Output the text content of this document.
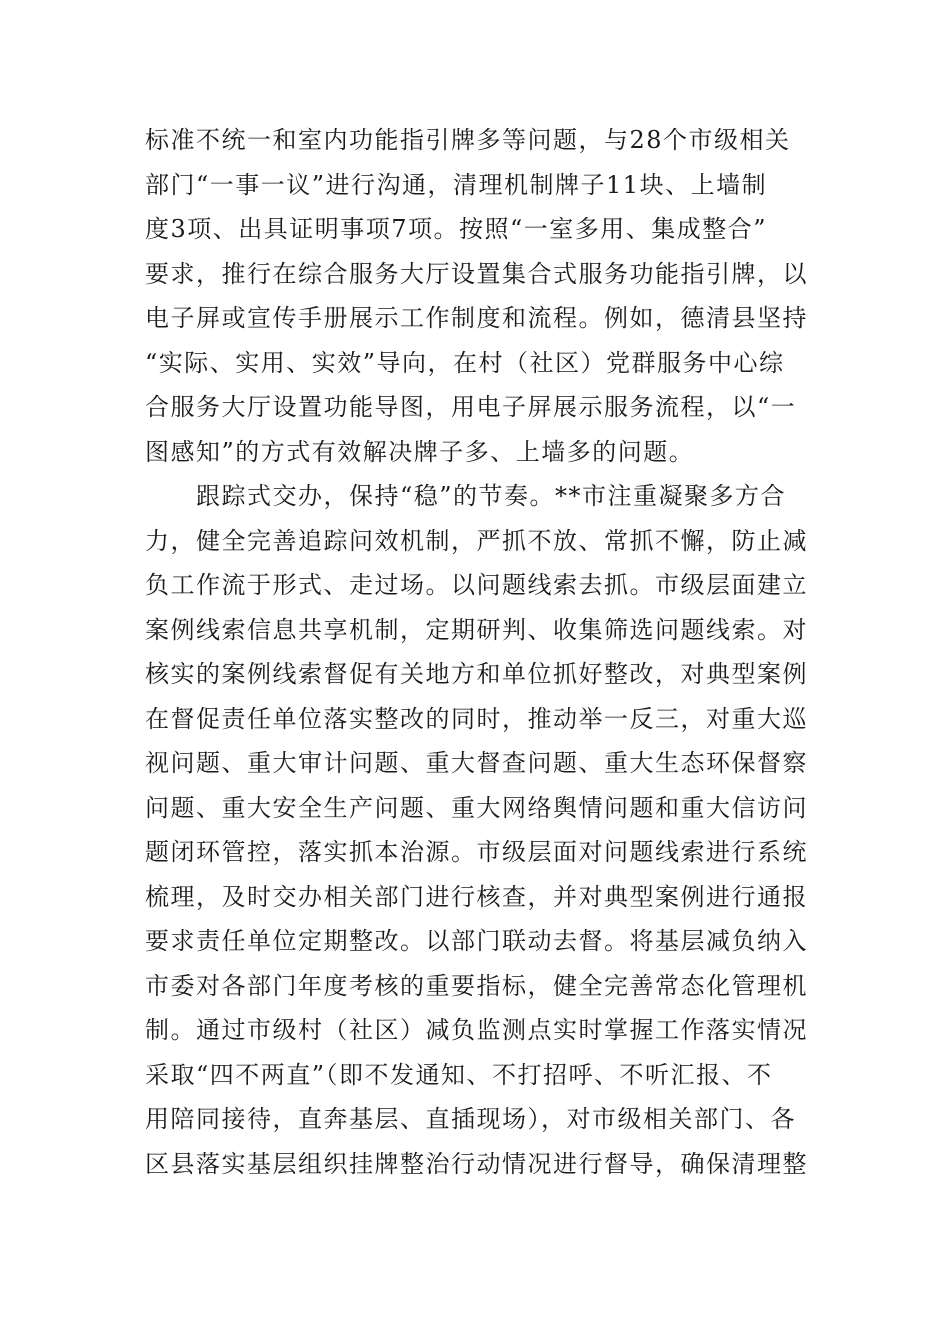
标准不统一和室内功能指引牌多等问题，与28个市级相关
部门“一事一议”进行沟通，清理机制牌子11块、上墙制
度3项、出具证明事项7项。按照“一室多用、集成整合”
要求，推行在综合服务大厅设置集合式服务功能指引牌，以
电子屏或宣传手册展示工作制度和流程。例如，德清县坚持
“实际、实用、实效”导向，在村（社区）党群服务中心综
合服务大厅设置功能导图，用电子屏展示服务流程，以“一
图感知”的方式有效解决牌子多、上墙多的问题。
　　跟踪式交办，保持“稳”的节奏。**市注重凝聚多方合
力，健全完善追踪问效机制，严抓不放、常抓不懈，防止减
负工作流于形式、走过场。以问题线索去抓。市级层面建立
案例线索信息共享机制，定期研判、收集筛选问题线索。对
核实的案例线索督促有关地方和单位抓好整改，对典型案例
在督促责任单位落实整改的同时，推动举一反三，对重大巡
视问题、重大审计问题、重大督查问题、重大生态环保督察
问题、重大安全生产问题、重大网络舆情问题和重大信访问
题闭环管控，落实抓本治源。市级层面对问题线索进行系统
梳理，及时交办相关部门进行核查，并对典型案例进行通报
要求责任单位定期整改。以部门联动去督。将基层减负纳入
市委对各部门年度考核的重要指标，健全完善常态化管理机
制。通过市级村（社区）减负监测点实时掌握工作落实情况
采取“四不两直”（即不发通知、不打招呼、不听汇报、不
用陪同接待，直奔基层、直插现场），对市级相关部门、各
区县落实基层组织挂牌整治行动情况进行督导，确保清理整
